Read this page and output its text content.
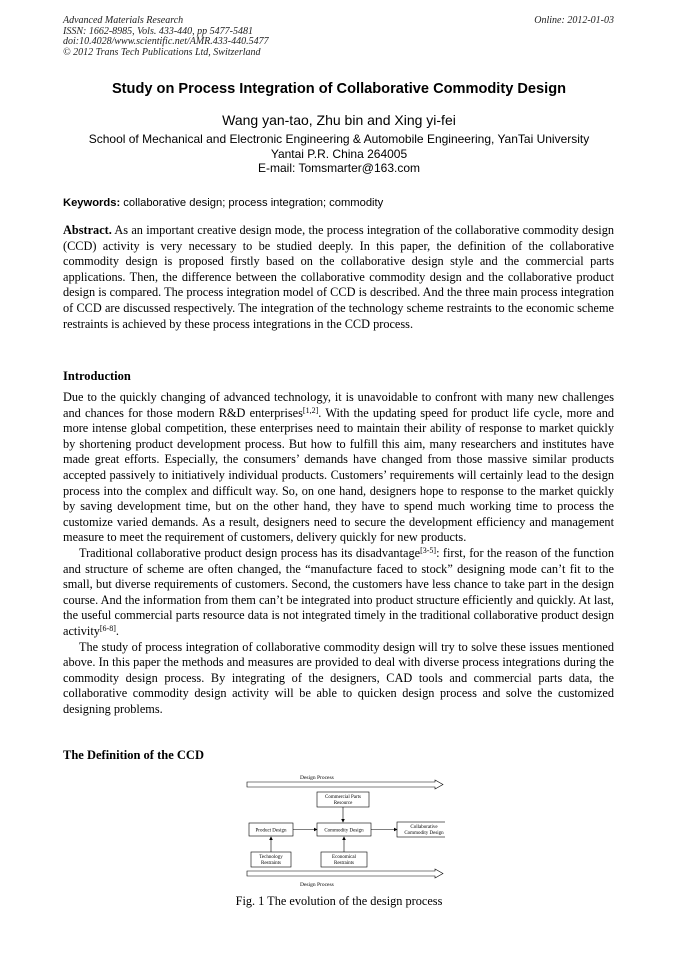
Advanced Materials Research
ISSN: 1662-8985, Vols. 433-440, pp 5477-5481
doi:10.4028/www.scientific.net/AMR.433-440.5477
© 2012 Trans Tech Publications Ltd, Switzerland
Online: 2012-01-03
Study on Process Integration of Collaborative Commodity Design
Wang yan-tao, Zhu bin and Xing yi-fei
School of Mechanical and Electronic Engineering & Automobile Engineering, YanTai University
Yantai P.R. China 264005
E-mail: Tomsmarter@163.com
Keywords: collaborative design; process integration; commodity

Abstract. As an important creative design mode, the process integration of the collaborative commodity design (CCD) activity is very necessary to be studied deeply. In this paper, the definition of the collaborative commodity design is proposed firstly based on the collaborative design style and the commercial parts applications. Then, the difference between the collaborative commodity design and the collaborative product design is compared. The process integration model of CCD is described. And the three main process integration of CCD are discussed respectively. The integration of the technology scheme restraints to the economic scheme restraints is achieved by these process integrations in the CCD process.

Introduction

Due to the quickly changing of advanced technology, it is unavoidable to confront with many new challenges and chances for those modern R&D enterprises[1,2]. With the updating speed for product life cycle, more and more intense global competition, these enterprises need to maintain their ability of response to market quickly by shortening product development process. But how to fulfill this aim, many researchers and institutes have made great efforts. Especially, the consumers’ demands have changed from those massive similar products accepted passively to initiatively individual products. Customers’ requirements will certainly lead to the design process into the complex and difficult way. So, on one hand, designers hope to response to the market quickly by saving development time, but on the other hand, they have to spend much working time to process the customize varied demands. As a result, designers need to secure the development efficiency and management measure to meet the requirement of customers, delivery quickly for new products.

Traditional collaborative product design process has its disadvantage[3-5]: first, for the reason of the function and structure of scheme are often changed, the “manufacture faced to stock” designing mode can’t fit to the small, but diverse requirements of customers. Second, the customers have less chance to take part in the design course. And the information from them can’t be integrated into product structure efficiently and quickly. At last, the useful commercial parts resource data is not integrated timely in the traditional collaborative product design activity[6-8].

The study of process integration of collaborative commodity design will try to solve these issues mentioned above. In this paper the methods and measures are provided to deal with diverse process integrations during the commodity design process. By integrating of the designers, CAD tools and commercial parts data, the collaborative commodity design activity will be able to quicken design process and solve the customized designing problems.

The Definition of the CCD
Design Process
Commercial Parts
Resource
Product Design	Commodity Design
Collaborative
Commodity Design
Technology
Restraints
Economical
Restraints
Design Process
Fig. 1 The evolution of the design process
